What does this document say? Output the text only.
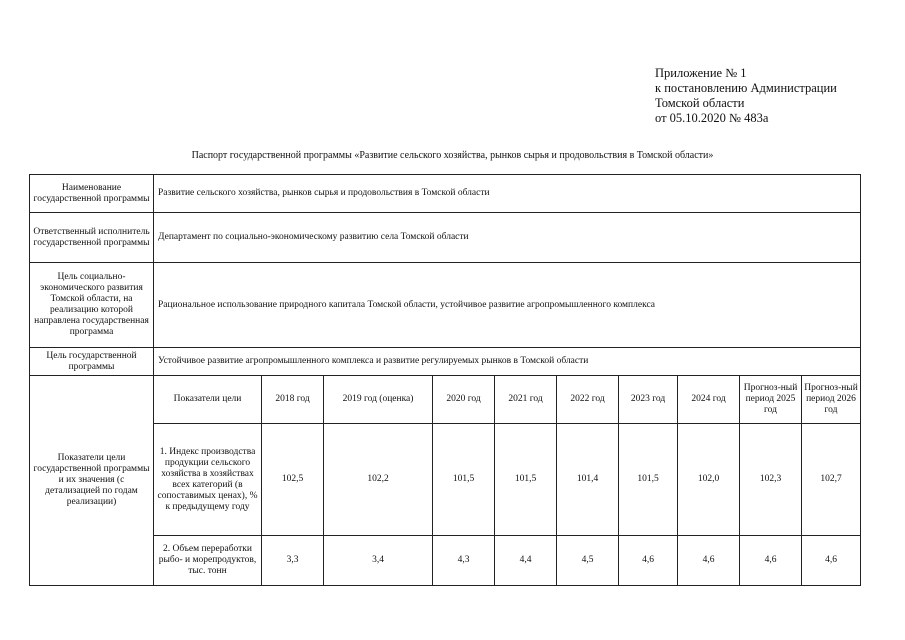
Приложение № 1
к постановлению Администрации
Томской области
от 05.10.2020 № 483а
Паспорт государственной программы «Развитие сельского хозяйства, рынков сырья и продовольствия в Томской области»
Наименование государственной программы	Развитие сельского хозяйства, рынков сырья и продовольствия в Томской области									
Ответственный исполнитель государственной программы	Департамент по социально-экономическому развитию села Томской области									
Цель социально-экономического развития Томской области, на реализацию которой направлена государственная программа	Рациональное использование природного капитала Томской области, устойчивое развитие агропромышленного комплекса									
Цель государственной программы	Устойчивое развитие агропромышленного комплекса и развитие регулируемых рынков в Томской области									
Показатели цели государственной программы и их значения (с детализацией по годам реализации)	Показатели цели	2018 год	2019 год (оценка)	2020 год	2021 год	2022 год	2023 год	2024 год	Прогноз-ный период 2025 год	Прогноз-ный период 2026 год
	1. Индекс производства продукции сельского хозяйства в хозяйствах всех категорий (в сопоставимых ценах), % к предыдущему году	102,5	102,2	101,5	101,5	101,4	101,5	102,0	102,3	102,7
	2. Объем переработки рыбо- и морепродуктов, тыс. тонн	3,3	3,4	4,3	4,4	4,5	4,6	4,6	4,6	4,6
